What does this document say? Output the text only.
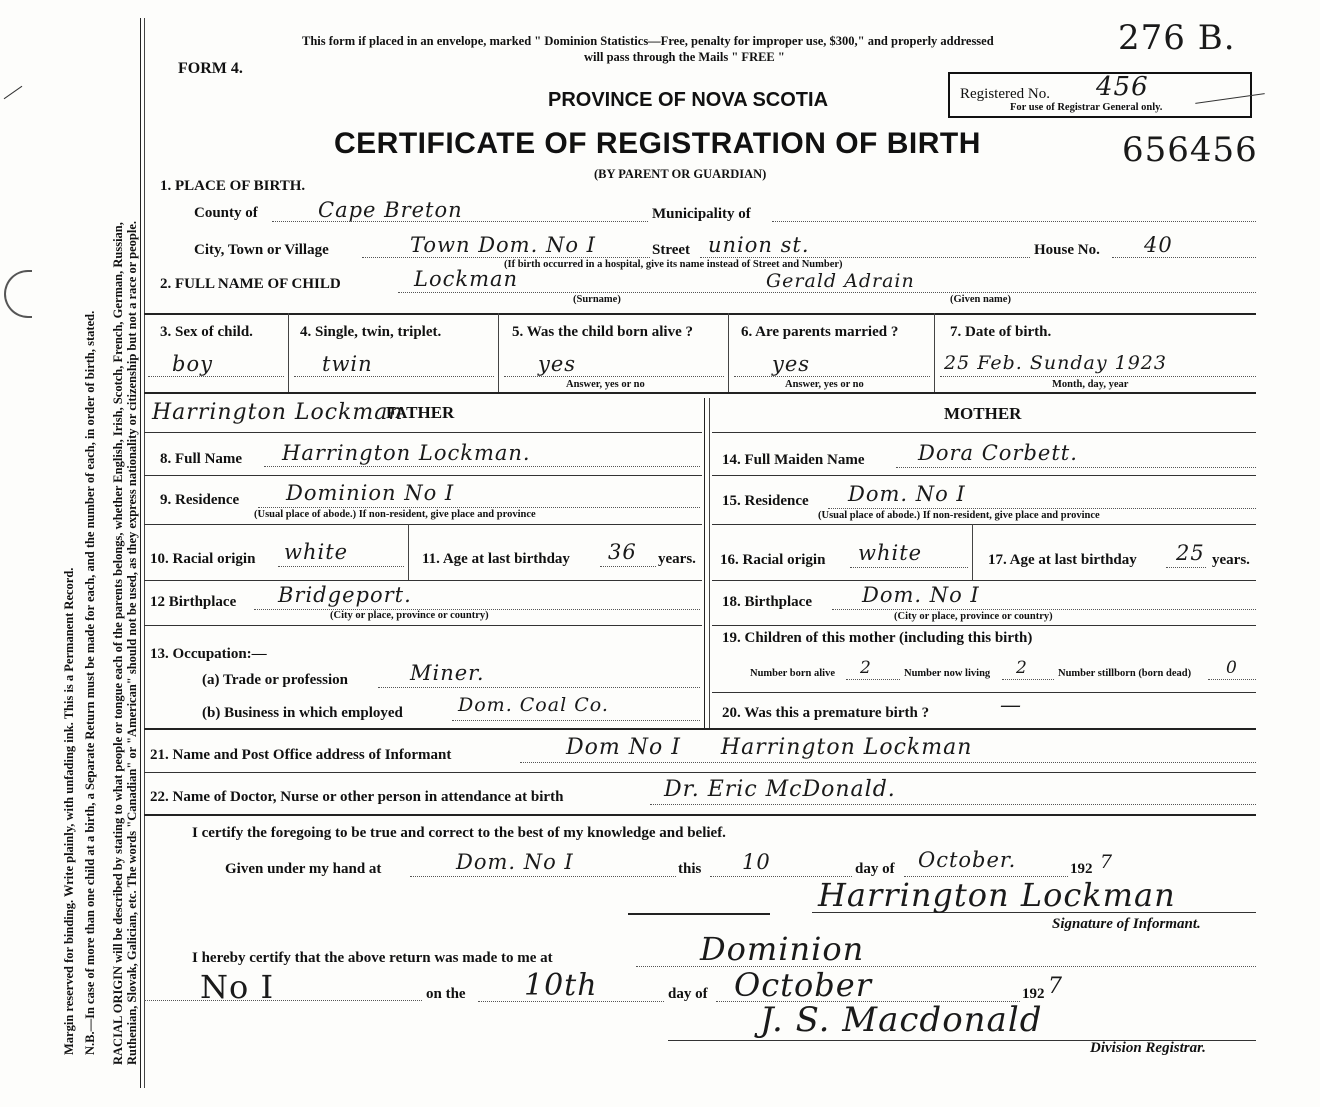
Margin reserved for binding. Write plainly, with unfading ink. This is a Permanent Record. N.B.—In case of more than one child at a birth, a Separate Return must be made for each, and the number of each, in order of birth, stated. RACIAL ORIGIN will be described by stating to what people or tongue each of the parents belongs, whether English, Irish, Scotch, French, German, Russian, Ruthenian, Slovak, Galician, etc. The words "Canadian" or "American" should not be used, as they express nationality or citizenship but not a race or people.
FORM 4.
This form if placed in an envelope, marked " Dominion Statistics—Free, penalty for improper use, $300," and properly addressed
will pass through the Mails " FREE "	276 B.
PROVINCE OF NOVA SCOTIA
CERTIFICATE OF REGISTRATION OF BIRTH
(BY PARENT OR GUARDIAN)
Registered No. 456
For use of Registrar General only.
656456
1. PLACE OF BIRTH.
County of	Cape Breton	Municipality of
City, Town or Village	Town Dom. No I	Street union st.	House No. 40
(If birth occurred in a hospital, give its name instead of Street and Number)
2. FULL NAME OF CHILD	Lockman	Gerald Adrain
(Surname)	(Given name)
3. Sex of child.
boy
4. Single, twin, triplet.
twin
5. Was the child born alive ?
yes
Answer, yes or no
6. Are parents married ?
yes
Answer, yes or no
7. Date of birth.
25 Feb. Sunday 1923
Month, day, year
Harrington Lockman
FATHER
8. Full Name Harrington Lockman.
9. Residence Dominion No I
(Usual place of abode.) If non-resident, give place and province
10. Racial origin white	11. Age at last birthday 36 years.
12 Birthplace Bridgeport.
(City or place, province or country)
13. Occupation:—
(a) Trade or profession	Miner.
(b) Business in which employed	Dom. Coal Co.
MOTHER
14. Full Maiden Name	Dora Corbett.
15. Residence Dom. No I
(Usual place of abode.) If non-resident, give place and province
16. Racial origin white	17. Age at last birthday 25 years.
18. Birthplace Dom. No I
(City or place, province or country)
19. Children of this mother (including this birth)
Number born alive 2	Number now living 2	Number stillborn (born dead) 0
20. Was this a premature birth ?	—
21. Name and Post Office address of Informant	Dom No I     Harrington Lockman
22. Name of Doctor, Nurse or other person in attendance at birth	Dr. Eric McDonald.
I certify the foregoing to be true and correct to the best of my knowledge and belief.
Given under my hand at	Dom. No I	this 10	day of October.	192 7
Harrington Lockman
Signature of Informant.
I hereby certify that the above return was made to me at	Dominion
No I	on the 10th	day of October	192 7
J. S. Macdonald
Division Registrar.
